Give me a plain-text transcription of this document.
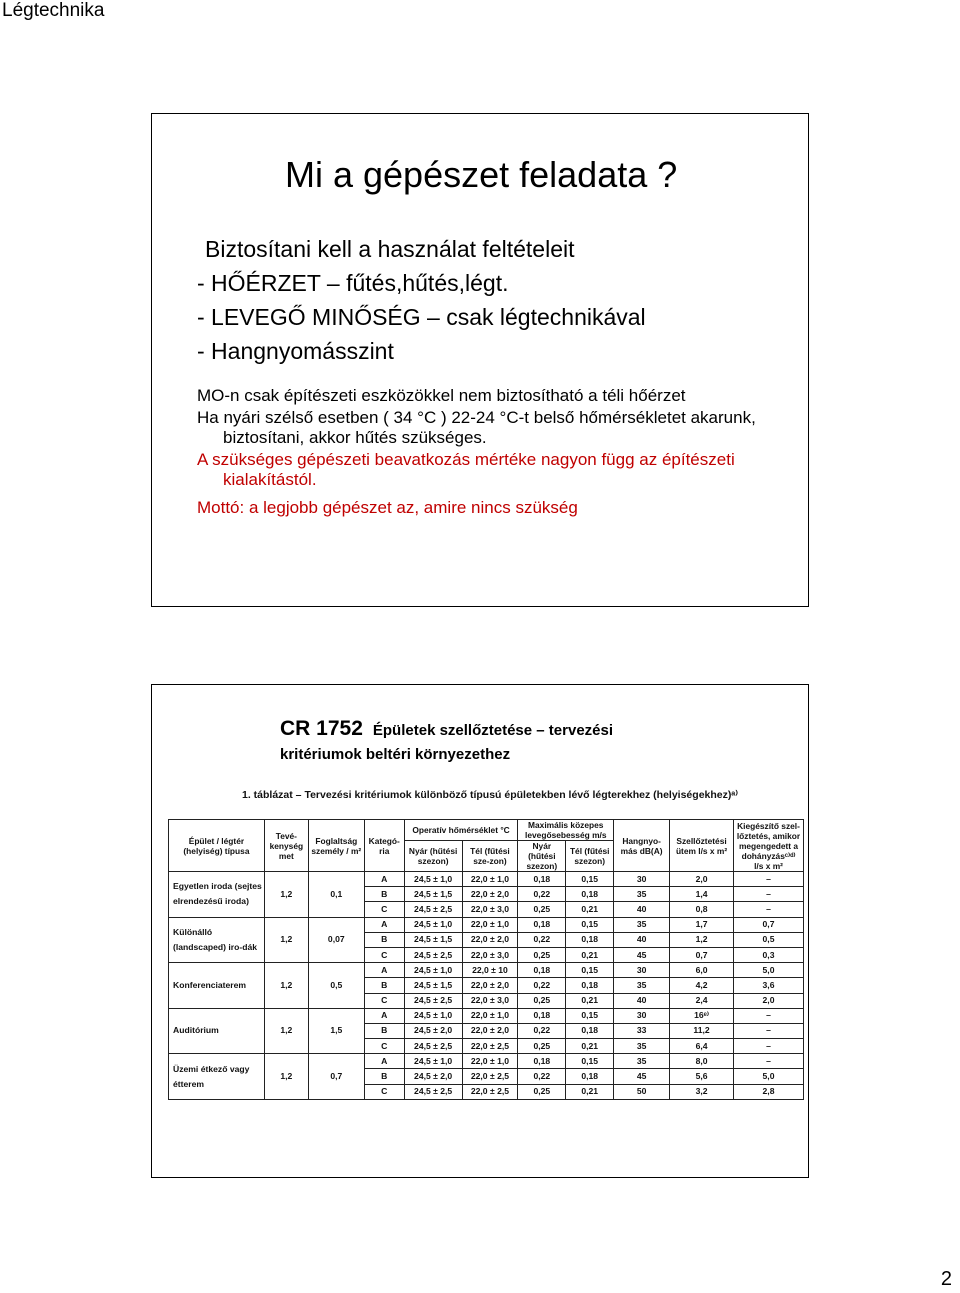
Légtechnika
Mi a gépészet feladata ?
Biztosítani kell a használat feltételeit
- HŐÉRZET – fűtés,hűtés,légt.
- LEVEGŐ MINŐSÉG – csak légtechnikával
- Hangnyomásszint

MO-n csak építészeti eszközökkel nem biztosítható a téli hőérzet

Ha nyári szélső esetben ( 34 °C ) 22-24 °C-t belső hőmérsékletet akarunk, biztosítani, akkor hűtés szükséges.

A szükséges gépészeti beavatkozás mértéke nagyon függ az építészeti kialakítástól.

Mottó: a legjobb gépészet az, amire nincs szükség

CR 1752 Épületek szellőztetése – tervezési
kritériumok beltéri környezethez
1. táblázat – Tervezési kritériumok különböző típusú épületekben lévő légterekhez (helyiségekhez)ᵃ⁾
Épület / légtér (helyiség) típusa	Tevé-kenység met	Foglaltság személy / m²	Kategó-ria	Operatív hőmérséklet °C		Maximális közepes levegősebesség m/s		Hangnyo-más dB(A)	Szellőztetési ütem l/s x m²	Kiegészítő szel-lőztetés, amikor megengedett a dohányzásᶜ⁾ᵈ⁾ l/s x m²
				Nyár (hűtési szezon)	Tél (fűtési sze-zon)	Nyár (hűtési szezon)	Tél (fűtési szezon)			
Egyetlen iroda (sejtes elrendezésű iroda)	1,2	0,1	A	24,5 ± 1,0	22,0 ± 1,0	0,18	0,15	30	2,0	–
			B	24,5 ± 1,5	22,0 ± 2,0	0,22	0,18	35	1,4	–
			C	24,5 ± 2,5	22,0 ± 3,0	0,25	0,21	40	0,8	–
Különálló (landscaped) iro-dák	1,2	0,07	A	24,5 ± 1,0	22,0 ± 1,0	0,18	0,15	35	1,7	0,7
			B	24,5 ± 1,5	22,0 ± 2,0	0,22	0,18	40	1,2	0,5
			C	24,5 ± 2,5	22,0 ± 3,0	0,25	0,21	45	0,7	0,3
Konferenciaterem	1,2	0,5	A	24,5 ± 1,0	22,0 ± 10	0,18	0,15	30	6,0	5,0
			B	24,5 ± 1,5	22,0 ± 2,0	0,22	0,18	35	4,2	3,6
			C	24,5 ± 2,5	22,0 ± 3,0	0,25	0,21	40	2,4	2,0
Auditórium	1,2	1,5	A	24,5 ± 1,0	22,0 ± 1,0	0,18	0,15	30	16ᵉ⁾	–
			B	24,5 ± 2,0	22,0 ± 2,0	0,22	0,18	33	11,2	–
			C	24,5 ± 2,5	22,0 ± 2,5	0,25	0,21	35	6,4	–
Üzemi étkező vagy étterem	1,2	0,7	A	24,5 ± 1,0	22,0 ± 1,0	0,18	0,15	35	8,0	–
			B	24,5 ± 2,0	22,0 ± 2,5	0,22	0,18	45	5,6	5,0
			C	24,5 ± 2,5	22,0 ± 2,5	0,25	0,21	50	3,2	2,8
2
